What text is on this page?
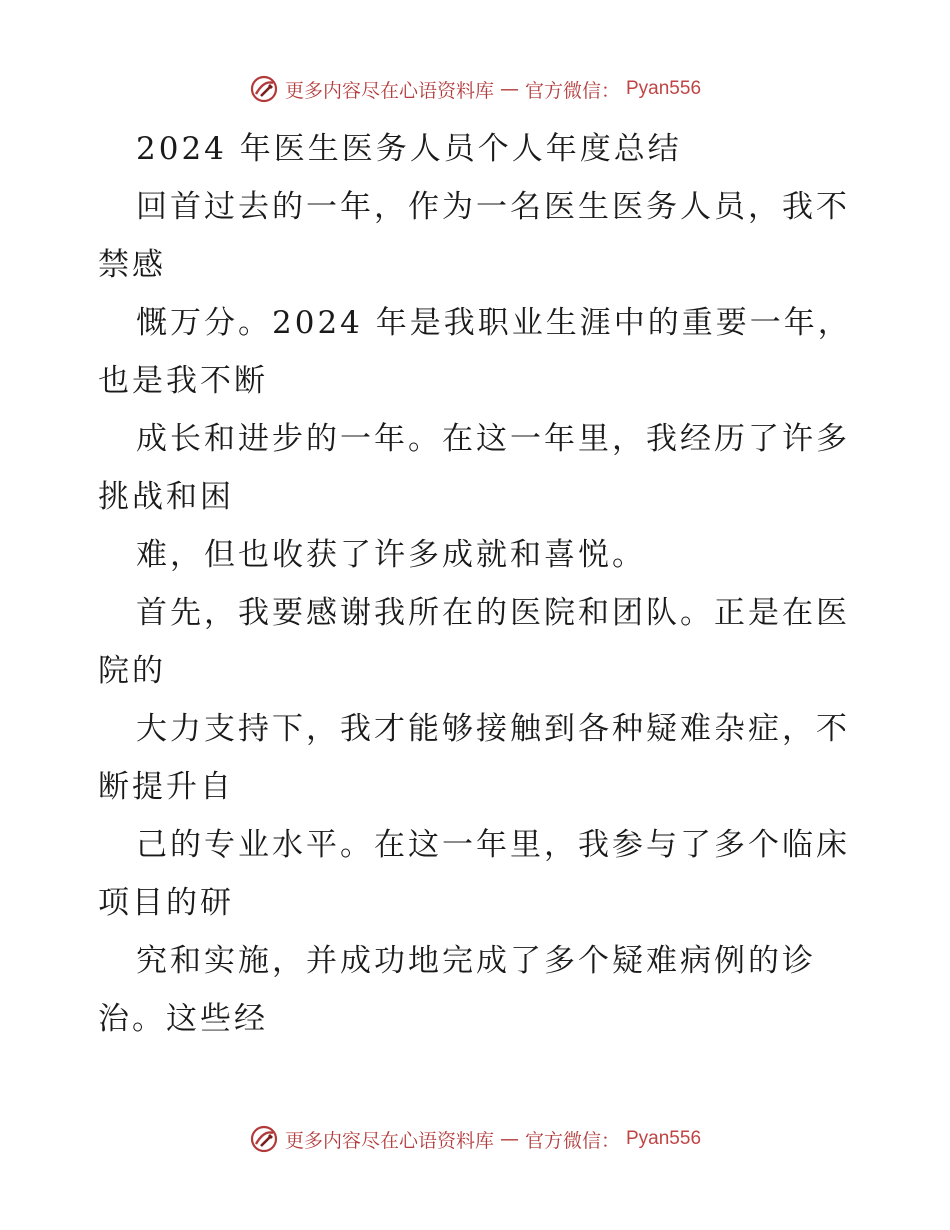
更多内容尽在心语资料库 — 官方微信： Pyan556
2024 年医生医务人员个人年度总结
回首过去的一年，作为一名医生医务人员，我不
禁感
慨万分。2024 年是我职业生涯中的重要一年，
也是我不断
成长和进步的一年。在这一年里，我经历了许多
挑战和困
难，但也收获了许多成就和喜悦。
首先，我要感谢我所在的医院和团队。正是在医
院的
大力支持下，我才能够接触到各种疑难杂症，不
断提升自
己的专业水平。在这一年里，我参与了多个临床
项目的研
究和实施，并成功地完成了多个疑难病例的诊
治。这些经
更多内容尽在心语资料库 — 官方微信： Pyan556
